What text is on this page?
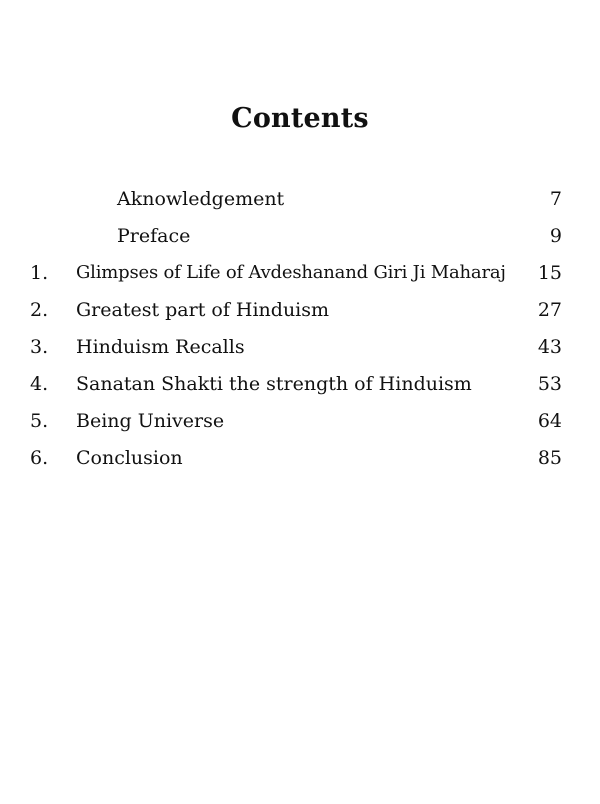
Contents
Aknowledgement	7
Preface	9
1.	Glimpses of Life of Avdeshanand Giri Ji Maharaj 15
2.	Greatest part of Hinduism	27
3.	Hinduism Recalls	43
4.	Sanatan Shakti the strength of Hinduism	53
5.	Being Universe	64
6.	Conclusion	85
